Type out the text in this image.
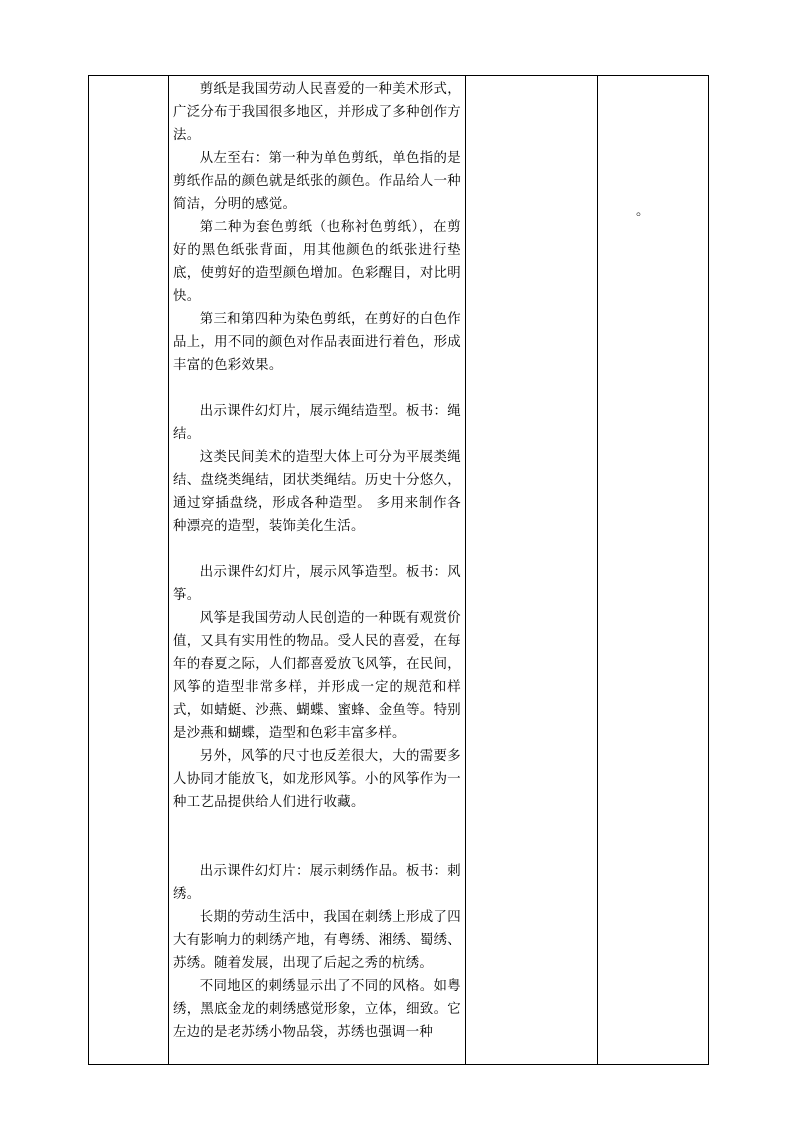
剪纸是我国劳动人民喜爱的一种美术形式，广泛分布于我国很多地区，并形成了多种创作方法。

从左至右：第一种为单色剪纸，单色指的是剪纸作品的颜色就是纸张的颜色。作品给人一种简洁，分明的感觉。

第二种为套色剪纸（也称衬色剪纸），在剪好的黑色纸张背面，用其他颜色的纸张进行垫底，使剪好的造型颜色增加。色彩醒目，对比明快。

第三和第四种为染色剪纸，在剪好的白色作品上，用不同的颜色对作品表面进行着色，形成丰富的色彩效果。

出示课件幻灯片，展示绳结造型。板书：绳结。

这类民间美术的造型大体上可分为平展类绳结、盘绕类绳结，团状类绳结。历史十分悠久，通过穿插盘绕，形成各种造型。 多用来制作各种漂亮的造型，装饰美化生活。

出示课件幻灯片，展示风筝造型。板书：风筝。

风筝是我国劳动人民创造的一种既有观赏价值，又具有实用性的物品。受人民的喜爱，在每年的春夏之际，人们都喜爱放飞风筝，在民间，风筝的造型非常多样，并形成一定的规范和样式，如蜻蜓、沙燕、蝴蝶、蜜蜂、金鱼等。特别是沙燕和蝴蝶，造型和色彩丰富多样。

另外，风筝的尺寸也反差很大，大的需要多人协同才能放飞，如龙形风筝。小的风筝作为一种工艺品提供给人们进行收藏。

出示课件幻灯片：展示刺绣作品。板书：刺绣。

长期的劳动生活中，我国在刺绣上形成了四大有影响力的刺绣产地，有粤绣、湘绣、蜀绣、苏绣。随着发展，出现了后起之秀的杭绣。

不同地区的刺绣显示出了不同的风格。如粤绣，黑底金龙的刺绣感觉形象，立体，细致。它左边的是老苏绣小物品袋，苏绣也强调一种

。
